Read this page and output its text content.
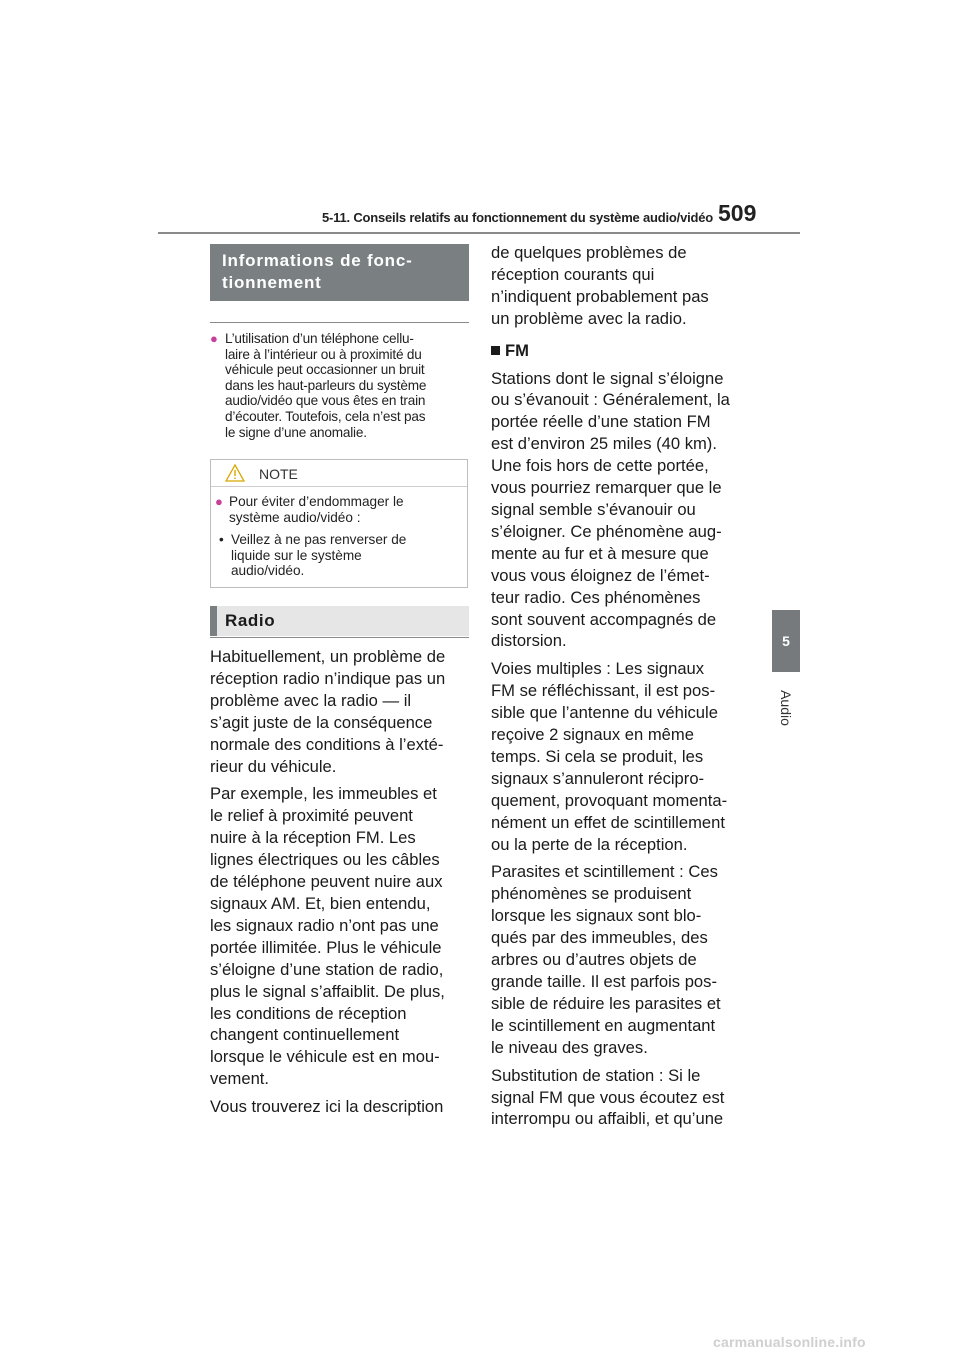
5-11. Conseils relatifs au fonctionnement du système audio/vidéo 509
5
Audio
Informations de fonc-
tionnement
● L’utilisation d’un téléphone cellu-
laire à l’intérieur ou à proximité du
véhicule peut occasionner un bruit
dans les haut-parleurs du système
audio/vidéo que vous êtes en train
d’écouter. Toutefois, cela n’est pas
le signe d’une anomalie.
NOTE
● Pour éviter d’endommager le
système audio/vidéo :
• Veillez à ne pas renverser de
liquide sur le système
audio/vidéo.
Radio

Habituellement, un problème de
réception radio n’indique pas un
problème avec la radio — il
s’agit juste de la conséquence
normale des conditions à l’exté-
rieur du véhicule.

Par exemple, les immeubles et
le relief à proximité peuvent
nuire à la réception FM. Les
lignes électriques ou les câbles
de téléphone peuvent nuire aux
signaux AM. Et, bien entendu,
les signaux radio n’ont pas une
portée illimitée. Plus le véhicule
s’éloigne d’une station de radio,
plus le signal s’affaiblit. De plus,
les conditions de réception
changent continuellement
lorsque le véhicule est en mou-
vement.

Vous trouverez ici la description

de quelques problèmes de
réception courants qui
n’indiquent probablement pas
un problème avec la radio.

FM

Stations dont le signal s’éloigne
ou s’évanouit : Généralement, la
portée réelle d’une station FM
est d’environ 25 miles (40 km).
Une fois hors de cette portée,
vous pourriez remarquer que le
signal semble s’évanouir ou
s’éloigner. Ce phénomène aug-
mente au fur et à mesure que
vous vous éloignez de l’émet-
teur radio. Ces phénomènes
sont souvent accompagnés de
distorsion.

Voies multiples : Les signaux
FM se réfléchissant, il est pos-
sible que l’antenne du véhicule
reçoive 2 signaux en même
temps. Si cela se produit, les
signaux s’annuleront récipro-
quement, provoquant momenta-
nément un effet de scintillement
ou la perte de la réception.

Parasites et scintillement : Ces
phénomènes se produisent
lorsque les signaux sont blo-
qués par des immeubles, des
arbres ou d’autres objets de
grande taille. Il est parfois pos-
sible de réduire les parasites et
le scintillement en augmentant
le niveau des graves.

Substitution de station : Si le
signal FM que vous écoutez est
interrompu ou affaibli, et qu’une

carmanualsonline.info
